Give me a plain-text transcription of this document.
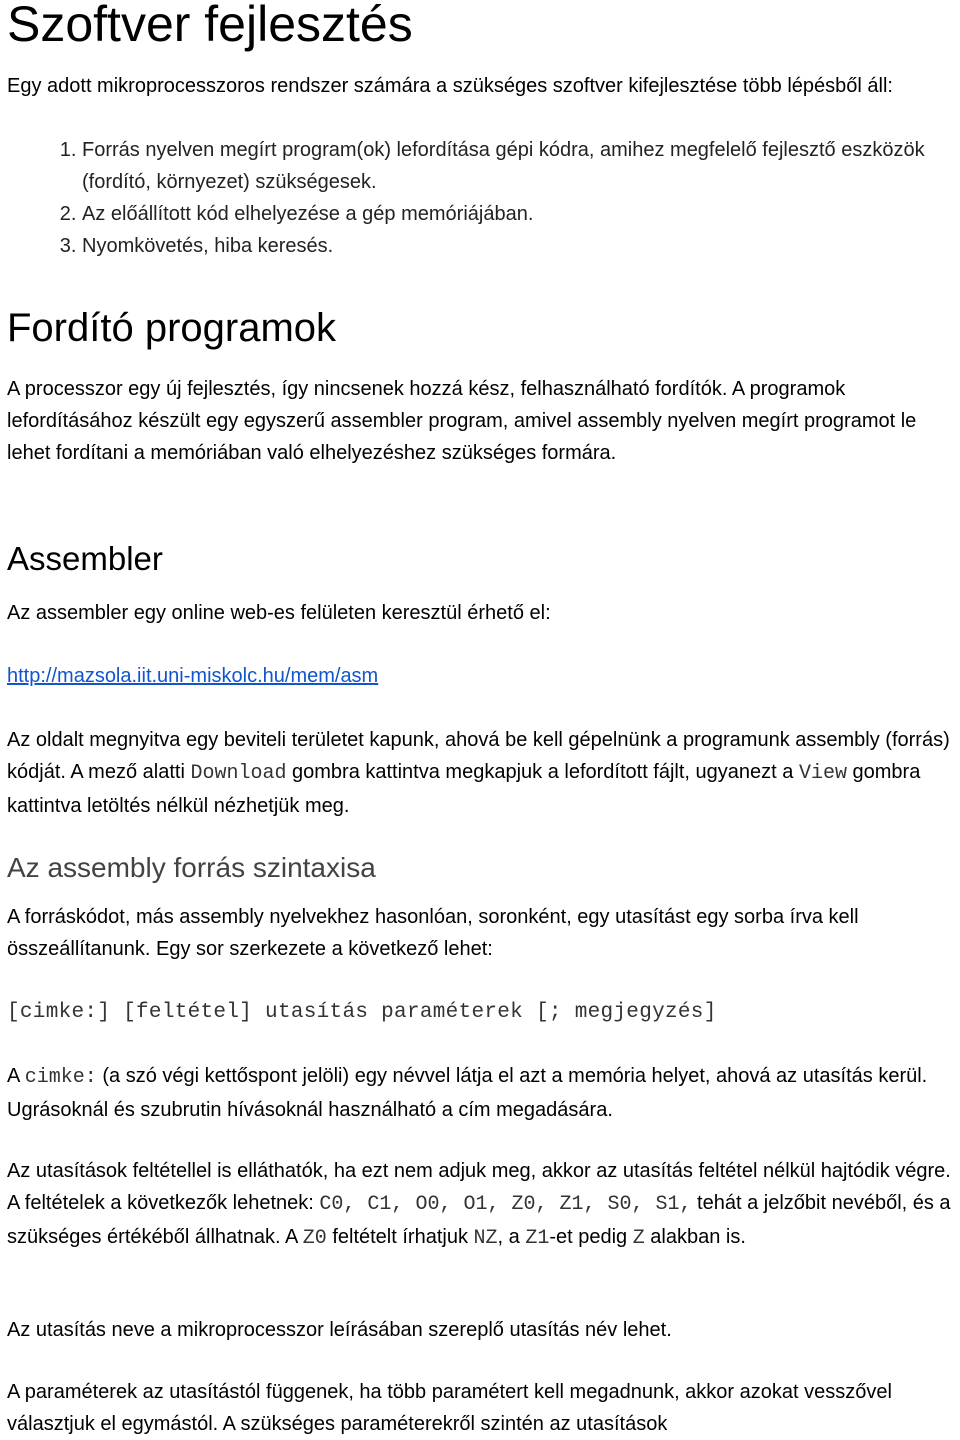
Szoftver fejlesztés

Egy adott mikroprocesszoros rendszer számára a szükséges szoftver kifejlesztése több lépésből áll:

1. Forrás nyelven megírt program(ok) lefordítása gépi kódra, amihez megfelelő fejlesztő eszközök (fordító, környezet) szükségesek.
2. Az előállított kód elhelyezése a gép memóriájában.
3. Nyomkövetés, hiba keresés.
Fordító programok

A processzor egy új fejlesztés, így nincsenek hozzá kész, felhasználható fordítók. A programok lefordításához készült egy egyszerű assembler program, amivel assembly nyelven megírt programot le lehet fordítani a memóriában való elhelyezéshez szükséges formára.

Assembler

Az assembler egy online web-es felületen keresztül érhető el:

http://mazsola.iit.uni-miskolc.hu/mem/asm

Az oldalt megnyitva egy beviteli területet kapunk, ahová be kell gépelnünk a programunk assembly (forrás) kódját. A mező alatti Download gombra kattintva megkapjuk a lefordított fájlt, ugyanezt a View gombra kattintva letöltés nélkül nézhetjük meg.

Az assembly forrás szintaxisa

A forráskódot, más assembly nyelvekhez hasonlóan, soronként, egy utasítást egy sorba írva kell összeállítanunk. Egy sor szerkezete a következő lehet:

[cimke:] [feltétel] utasítás paraméterek [; megjegyzés]

A cimke: (a szó végi kettőspont jelöli) egy névvel látja el azt a memória helyet, ahová az utasítás kerül. Ugrásoknál és szubrutin hívásoknál használható a cím megadására.

Az utasítások feltétellel is elláthatók, ha ezt nem adjuk meg, akkor az utasítás feltétel nélkül hajtódik végre. A feltételek a következők lehetnek: C0, C1, O0, O1, Z0, Z1, S0, S1, tehát a jelzőbit nevéből, és a szükséges értékéből állhatnak. A Z0 feltételt írhatjuk NZ, a Z1-et pedig Z alakban is.

Az utasítás neve a mikroprocesszor leírásában szereplő utasítás név lehet.

A paraméterek az utasítástól függenek, ha több paramétert kell megadnunk, akkor azokat vesszővel választjuk el egymástól. A szükséges paraméterekről szintén az utasítások
